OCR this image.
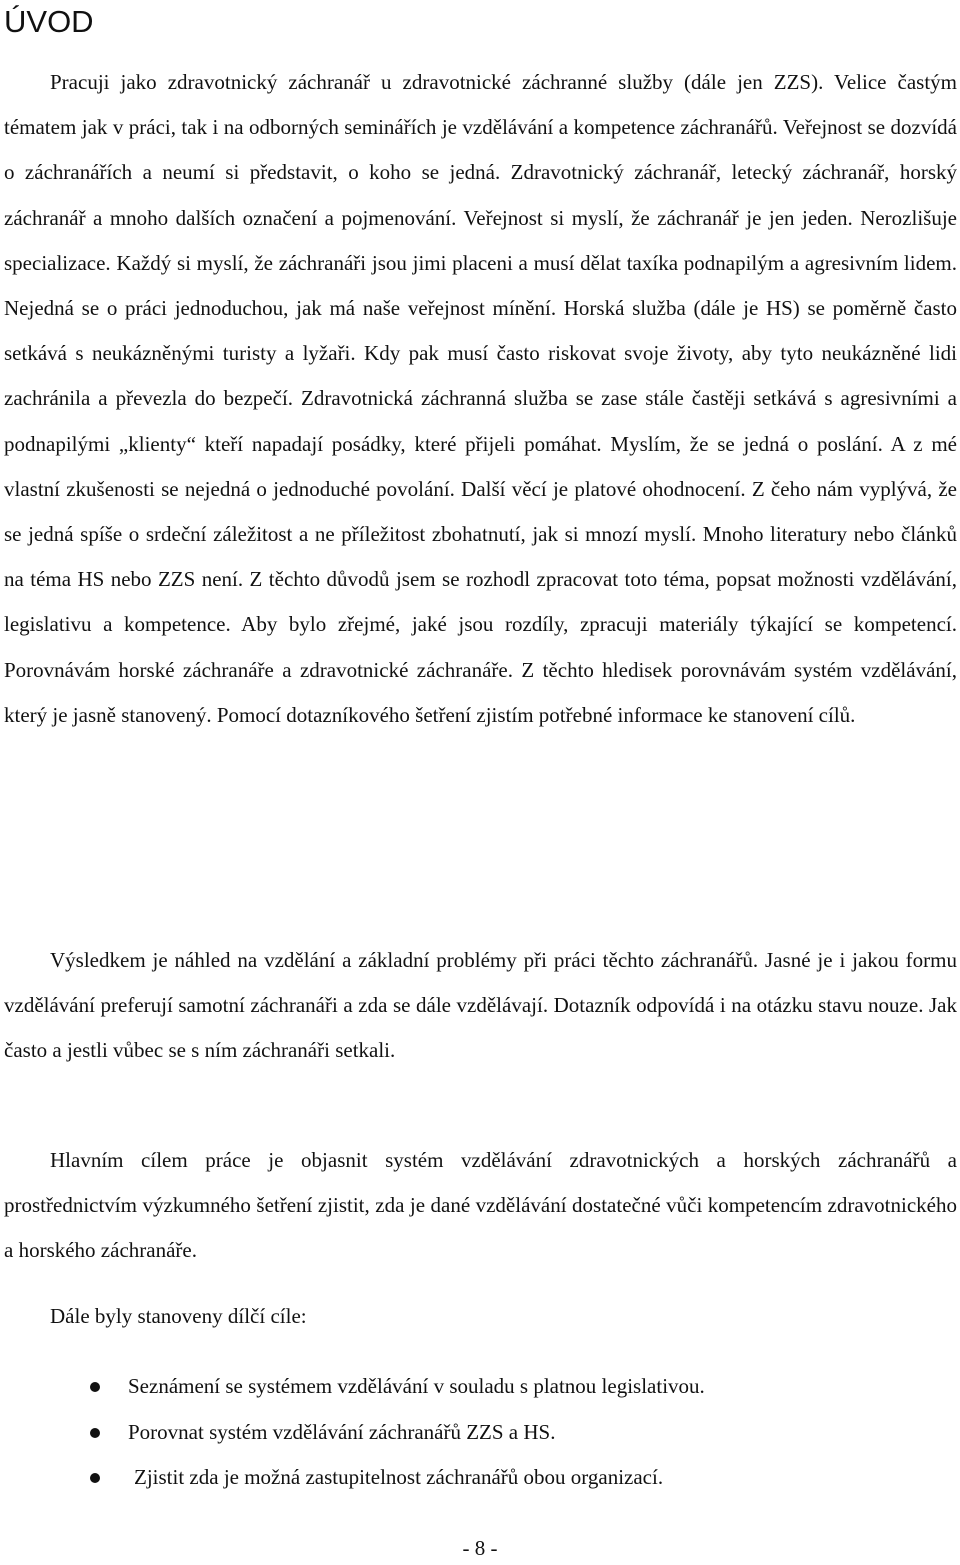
ÚVOD

Pracuji jako zdravotnický záchranář u zdravotnické záchranné služby (dále jen ZZS). Velice častým tématem jak v práci, tak i na odborných seminářích je vzdělávání a kompetence záchranářů. Veřejnost se dozvídá o záchranářích a neumí si představit, o koho se jedná. Zdravotnický záchranář, letecký záchranář, horský záchranář a mnoho dalších označení a pojmenování. Veřejnost si myslí, že záchranář je jen jeden. Nerozlišuje specializace. Každý si myslí, že záchranáři jsou jimi placeni a musí dělat taxíka podnapilým a agresivním lidem. Nejedná se o práci jednoduchou, jak má naše veřejnost mínění. Horská služba (dále je HS) se poměrně často setkává s neukázněnými turisty a lyžaři. Kdy pak musí často riskovat svoje životy, aby tyto neukázněné lidi zachránila a převezla do bezpečí. Zdravotnická záchranná služba se zase stále častěji setkává s agresivními a podnapilými „klienty“ kteří napadají posádky, které přijeli pomáhat. Myslím, že se jedná o poslání. A z mé vlastní zkušenosti se nejedná o jednoduché povolání. Další věcí je platové ohodnocení. Z čeho nám vyplývá, že se jedná spíše o srdeční záležitost a ne příležitost zbohatnutí, jak si mnozí myslí. Mnoho literatury nebo článků na téma HS nebo ZZS není. Z těchto důvodů jsem se rozhodl zpracovat toto téma, popsat možnosti vzdělávání, legislativu a kompetence. Aby bylo zřejmé, jaké jsou rozdíly, zpracuji materiály týkající se kompetencí. Porovnávám horské záchranáře a zdravotnické záchranáře. Z těchto hledisek porovnávám systém vzdělávání, který je jasně stanovený. Pomocí dotazníkového šetření zjistím potřebné informace ke stanovení cílů.

Výsledkem je náhled na vzdělání a základní problémy při práci těchto záchranářů. Jasné je i jakou formu vzdělávání preferují samotní záchranáři a zda se dále vzdělávají. Dotazník odpovídá i na otázku stavu nouze. Jak často a jestli vůbec se s ním záchranáři setkali.

Hlavním cílem práce je objasnit systém vzdělávání zdravotnických a horských záchranářů a prostřednictvím výzkumného šetření zjistit, zda je dané vzdělávání dostatečné vůči kompetencím zdravotnického a horského záchranáře.

Dále byly stanoveny dílčí cíle:

Seznámení se systémem vzdělávání v souladu s platnou legislativou.
Porovnat systém vzdělávání záchranářů ZZS a HS.
Zjistit zda je možná zastupitelnost záchranářů obou organizací.
- 8 -
